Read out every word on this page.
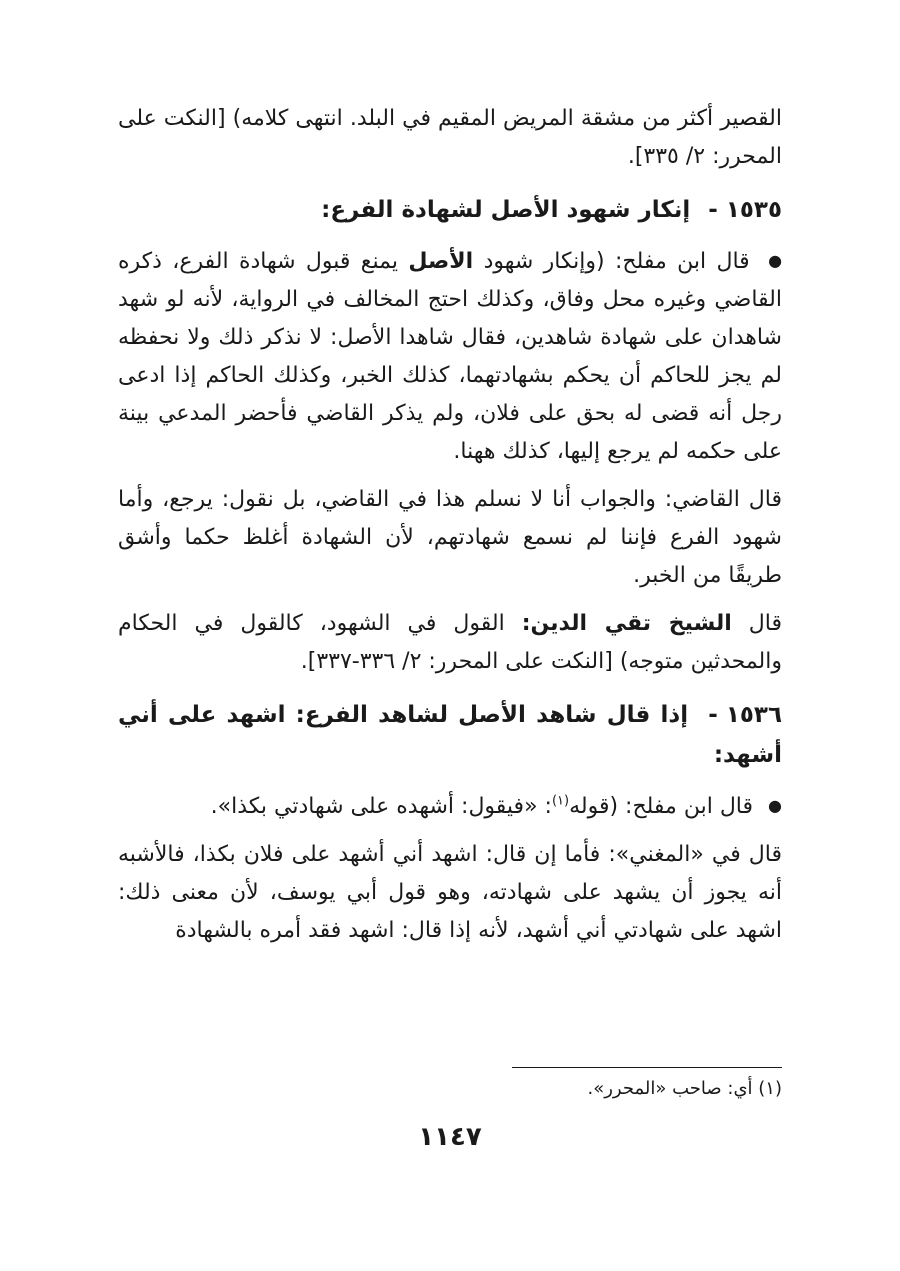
القصير أكثر من مشقة المريض المقيم في البلد. انتهى كلامه) [النكت على المحرر: ٢/ ٣٣٥].

١٥٣٥ - إنكار شهود الأصل لشهادة الفرع:

● قال ابن مفلح: (وإنكار شهود الأصل يمنع قبول شهادة الفرع، ذكره القاضي وغيره محل وفاق، وكذلك احتج المخالف في الرواية، لأنه لو شهد شاهدان على شهادة شاهدين، فقال شاهدا الأصل: لا نذكر ذلك ولا نحفظه لم يجز للحاكم أن يحكم بشهادتهما، كذلك الخبر، وكذلك الحاكم إذا ادعى رجل أنه قضى له بحق على فلان، ولم يذكر القاضي فأحضر المدعي بينة على حكمه لم يرجع إليها، كذلك ههنا.

قال القاضي: والجواب أنا لا نسلم هذا في القاضي، بل نقول: يرجع، وأما شهود الفرع فإننا لم نسمع شهادتهم، لأن الشهادة أغلظ حكما وأشق طريقًا من الخبر.

قال الشيخ تقي الدين: القول في الشهود، كالقول في الحكام والمحدثين متوجه) [النكت على المحرر: ٢/ ٣٣٦-٣٣٧].

١٥٣٦ - إذا قال شاهد الأصل لشاهد الفرع: اشهد على أني أشهد:

● قال ابن مفلح: (قوله$^{(١)}$: «فيقول: أشهده على شهادتي بكذا».

قال في «المغني»: فأما إن قال: اشهد أني أشهد على فلان بكذا، فالأشبه أنه يجوز أن يشهد على شهادته، وهو قول أبي يوسف، لأن معنى ذلك: اشهد على شهادتي أني أشهد، لأنه إذا قال: اشهد فقد أمره بالشهادة

(١) أي: صاحب «المحرر».
١١٤٧
